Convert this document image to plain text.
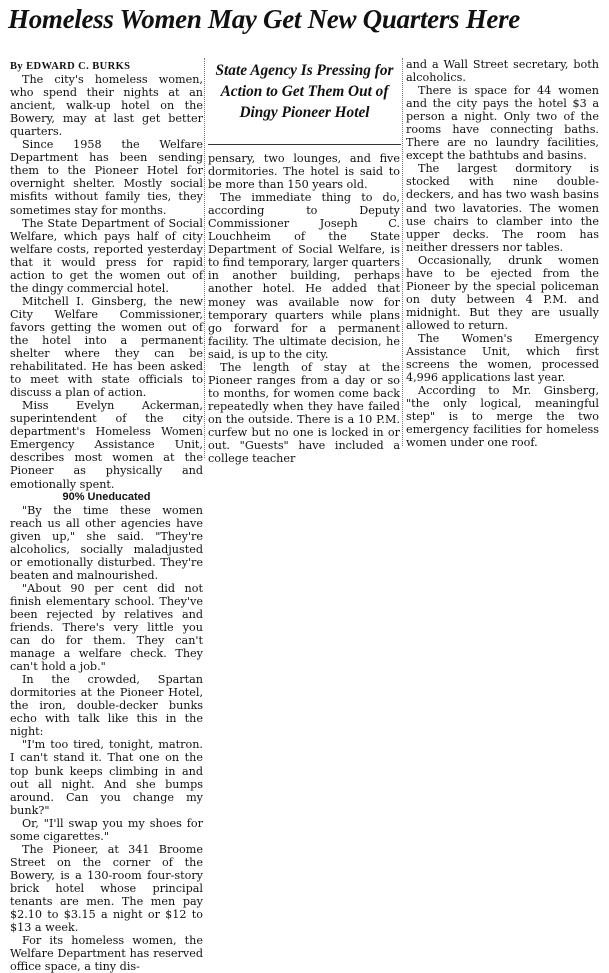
Homeless Women May Get New Quarters Here

By EDWARD C. BURKS

The city's homeless women, who spend their nights at an ancient, walk-up hotel on the Bowery, may at last get better quarters.

Since 1958 the Welfare Department has been sending them to the Pioneer Hotel for overnight shelter. Mostly social misfits without family ties, they sometimes stay for months.

The State Department of Social Welfare, which pays half of city welfare costs, reported yesterday that it would press for rapid action to get the women out of the dingy commercial hotel.

Mitchell I. Ginsberg, the new City Welfare Commissioner, favors getting the women out of the hotel into a permanent shelter where they can be rehabilitated. He has been asked to meet with state officials to discuss a plan of action.

Miss Evelyn Ackerman, superintendent of the city department's Homeless Women Emergency Assistance Unit, describes most women at the Pioneer as physically and emotionally spent.

90% Uneducated

"By the time these women reach us all other agencies have given up," she said. "They're alcoholics, socially maladjusted or emotionally disturbed. They're beaten and malnourished.

"About 90 per cent did not finish elementary school. They've been rejected by relatives and friends. There's very little you can do for them. They can't manage a welfare check. They can't hold a job."

In the crowded, Spartan dormitories at the Pioneer Hotel, the iron, double-decker bunks echo with talk like this in the night:

"I'm too tired, tonight, matron. I can't stand it. That one on the top bunk keeps climbing in and out all night. And she bumps around. Can you change my bunk?"

Or, "I'll swap you my shoes for some cigarettes."

The Pioneer, at 341 Broome Street on the corner of the Bowery, is a 130-room four-story brick hotel whose principal tenants are men. The men pay $2.10 to $3.15 a night or $12 to $13 a week.

For its homeless women, the Welfare Department has reserved office space, a tiny dis-

State Agency Is Pressing for Action to Get Them Out of Dingy Pioneer Hotel

pensary, two lounges, and five dormitories. The hotel is said to be more than 150 years old.

The immediate thing to do, according to Deputy Commissioner Joseph C. Louchheim of the State Department of Social Welfare, is to find temporary, larger quarters in another building, perhaps another hotel. He added that money was available now for temporary quarters while plans go forward for a permanent facility. The ultimate decision, he said, is up to the city.

The length of stay at the Pioneer ranges from a day or so to months, for women come back repeatedly when they have failed on the outside. There is a 10 P.M. curfew but no one is locked in or out. "Guests" have included a college teacher

and a Wall Street secretary, both alcoholics.

There is space for 44 women and the city pays the hotel $3 a person a night. Only two of the rooms have connecting baths. There are no laundry facilities, except the bathtubs and basins.

The largest dormitory is stocked with nine double-deckers, and has two wash basins and two lavatories. The women use chairs to clamber into the upper decks. The room has neither dressers nor tables.

Occasionally, drunk women have to be ejected from the Pioneer by the special policeman on duty between 4 P.M. and midnight. But they are usually allowed to return.

The Women's Emergency Assistance Unit, which first screens the women, processed 4,996 applications last year.

According to Mr. Ginsberg, "the only logical, meaningful step" is to merge the two emergency facilities for homeless women under one roof.
